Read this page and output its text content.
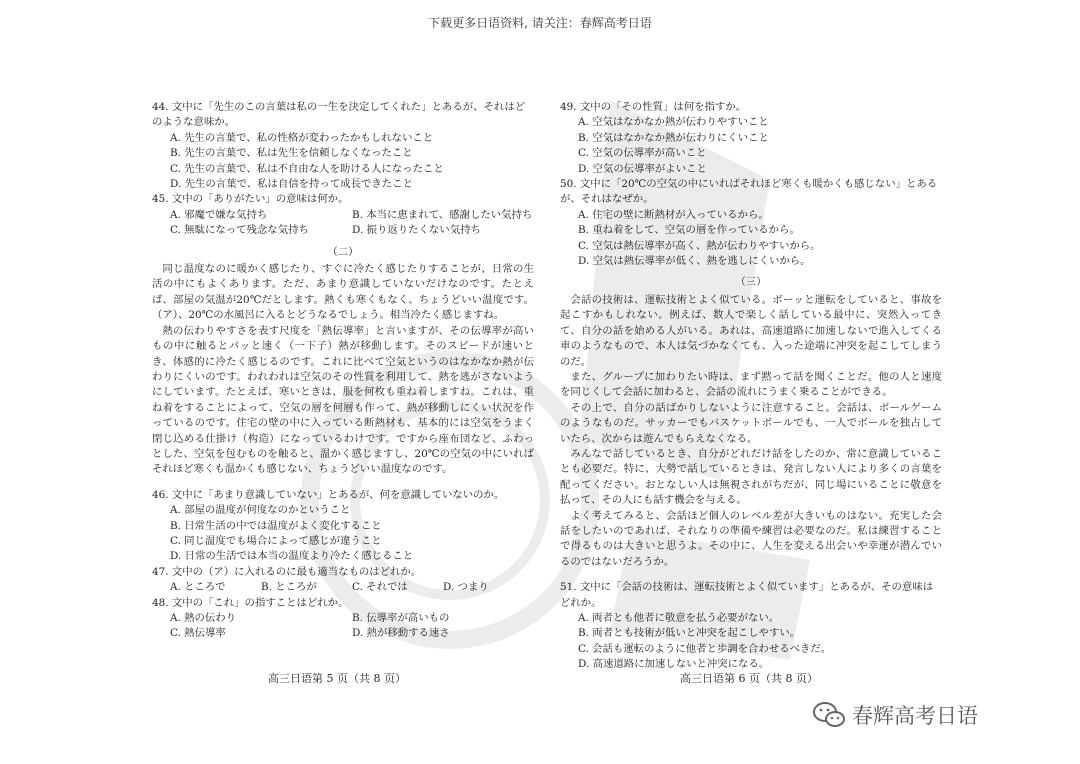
下载更多日语资料, 请关注：春辉高考日语
44. 文中に「先生のこの言葉は私の一生を決定してくれた」とあるが、それはどのような意味か。
A. 先生の言葉で、私の性格が変わったかもしれないこと
B. 先生の言葉で、私は先生を信頼しなくなったこと
C. 先生の言葉で、私は不自由な人を助ける人になったこと
D. 先生の言葉で、私は自信を持って成長できたこと
45. 文中の「ありがたい」の意味は何か。
A. 邪魔で嫌な気持ち	B. 本当に恵まれて、感謝したい気持ち
C. 無駄になって残念な気持ち	D. 振り返りたくない気持ち
（二）

同じ温度なのに暖かく感じたり、すぐに冷たく感じたりすることが、日常の生活の中にもよくあります。ただ、あまり意識していないだけなのです。たとえば、部屋の気温が20℃だとします。熱くも寒くもなく、ちょうどいい温度です。（ア）、20℃の水風呂に入るとどうなるでしょう。相当冷たく感じますね。

熱の伝わりやすさを表す尺度を「熱伝導率」と言いますが、その伝導率が高いもの中に触るとパッと速く（一下子）熱が移動します。そのスピードが速いとき、体感的に冷たく感じるのです。これに比べて空気というのはなかなか熱が伝わりにくいのです。われわれは空気のその性質を利用して、熱を逃がさないようにしています。たとえば、寒いときは、服を何枚も重ね着しますね。これは、重ね着をすることによって、空気の層を何層も作って、熱が移動しにくい状況を作っているのです。住宅の壁の中に入っている断熱材も、基本的には空気をうまく閉じ込める仕掛け（构造）になっているわけです。ですから座布団など、ふわっとした、空気を包むものを触ると、温かく感じますし、20℃の空気の中にいればそれほど寒くも温かくも感じない、ちょうどいい温度なのです。

46. 文中に「あまり意識していない」とあるが、何を意識していないのか。
A. 部屋の温度が何度なのかということ
B. 日常生活の中では温度がよく変化すること
C. 同じ温度でも場合によって感じが違うこと
D. 日常の生活では本当の温度より冷たく感じること
47. 文中の（ア）に入れるのに最も適当なものはどれか。
A. ところで	B. ところが	C. それでは	D. つまり
48. 文中の「これ」の指すことはどれか。
A. 熱の伝わり	B. 伝導率が高いもの
C. 熱伝導率	D. 熱が移動する速さ
49. 文中の「その性質」は何を指すか。
A. 空気はなかなか熱が伝わりやすいこと
B. 空気はなかなか熱が伝わりにくいこと
C. 空気の伝導率が高いこと
D. 空気の伝導率がよいこと
50. 文中に「20℃の空気の中にいればそれほど寒くも暖かくも感じない」とあるが、それはなぜか。
A. 住宅の壁に断熱材が入っているから。
B. 重ね着をして、空気の層を作っているから。
C. 空気は熱伝導率が高く、熱が伝わりやすいから。
D. 空気は熱伝導率が低く、熱を逃しにくいから。
（三）

会話の技術は、運転技術とよく似ている。ボーッと運転をしていると、事故を起こすかもしれない。例えば、数人で楽しく話している最中に、突然入ってきて、自分の話を始める人がいる。あれは、高速道路に加速しないで進入してくる車のようなもので、本人は気づかなくても、入った途端に冲突を起こしてしまうのだ。

また、グループに加わりたい時は、まず黙って話を聞くことだ。他の人と速度を同じくして会話に加わると、会話の流れにうまく乗ることができる。

その上で、自分の話ばかりしないように注意すること。会話は、ボールゲームのようなものだ。サッカーでもバスケットボールでも、一人でボールを独占していたら、次からは遊んでもらえなくなる。

みんなで話しているとき、自分がどれだけ話をしたのか、常に意識していることも必要だ。特に、大勢で話しているときは、発言しない人により多くの言葉を配ってください。おとなしい人は無視されがちだが、同じ場にいることに敬意を払って、その人にも話す機会を与える。

よく考えてみると、会話ほど個人のレベル差が大きいものはない。充実した会話をしたいのであれば、それなりの準備や練習は必要なのだ。私は練習することで得るものは大きいと思うよ。その中に、人生を変える出会いや幸運が潜んでいるのではないだろうか。

51. 文中に「会話の技術は、運転技術とよく似ています」とあるが、その意味はどれか。
A. 両者とも他者に敬意を払う必要がない。
B. 両者とも技術が低いと冲突を起こしやすい。
C. 会話も運転のように他者と歩調を合わせるべきだ。
D. 高速道路に加速しないと冲突になる。
高三日语第 5 页（共 8 页）	高三日语第 6 页（共 8 页）
春辉高考日语
